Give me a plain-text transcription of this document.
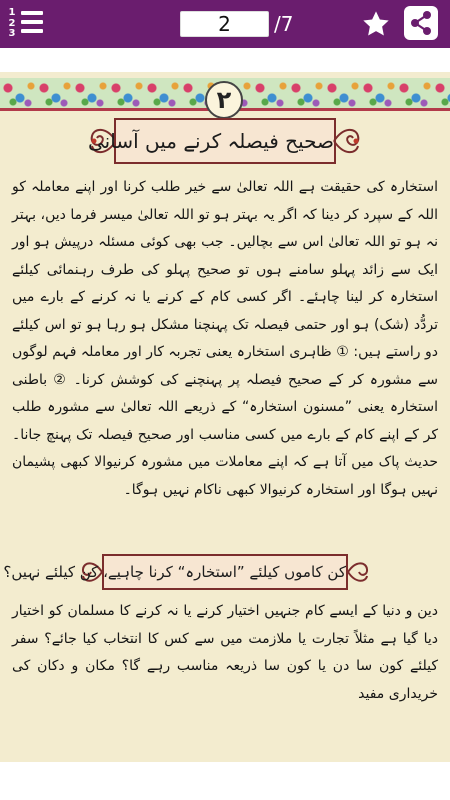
1
2
3	2	/7
۲
صحیح فیصلہ کرنے میں آسانی
استخارہ کی حقیقت ہے اللہ تعالیٰ سے خیر طلب کرنا اور اپنے معاملہ کو اللہ کے سپرد کر دینا کہ اگر یہ بہتر ہو تو اللہ تعالیٰ میسر فرما دیں، بہتر نہ ہو تو اللہ تعالیٰ اس سے بچالیں۔ جب بھی کوئی مسئلہ درپیش ہو اور ایک سے زائد پہلو سامنے ہوں تو صحیح پہلو کی طرف رہنمائی کیلئے استخارہ کر لینا چاہئے۔ اگر کسی کام کے کرنے یا نہ کرنے کے بارے میں تردُّد (شک) ہو اور حتمی فیصلہ تک پہنچنا مشکل ہو رہا ہو تو اس کیلئے دو راستے ہیں: ① ظاہری استخارہ یعنی تجربہ کار اور معاملہ فہم لوگوں سے مشورہ کر کے صحیح فیصلہ پر پہنچنے کی کوشش کرنا۔ ② باطنی استخارہ یعنی ”مسنون استخارہ“ کے ذریعے اللہ تعالیٰ سے مشورہ طلب کر کے اپنے کام کے بارے میں کسی مناسب اور صحیح فیصلہ تک پہنچ جانا۔ حدیث پاک میں آتا ہے کہ اپنے معاملات میں مشورہ کرنیوالا کبھی پشیمان نہیں ہوگا اور استخارہ کرنیوالا کبھی ناکام نہیں ہوگا۔
کن کاموں کیلئے ”استخارہ“ کرنا چاہیے، کن کیلئے نہیں؟
دین و دنیا کے ایسے کام جنہیں اختیار کرنے یا نہ کرنے کا مسلمان کو اختیار دیا گیا ہے مثلاً تجارت یا ملازمت میں سے کس کا انتخاب کیا جائے؟ سفر کیلئے کون سا دن یا کون سا ذریعہ مناسب رہے گا؟ مکان و دکان کی خریداری مفید
